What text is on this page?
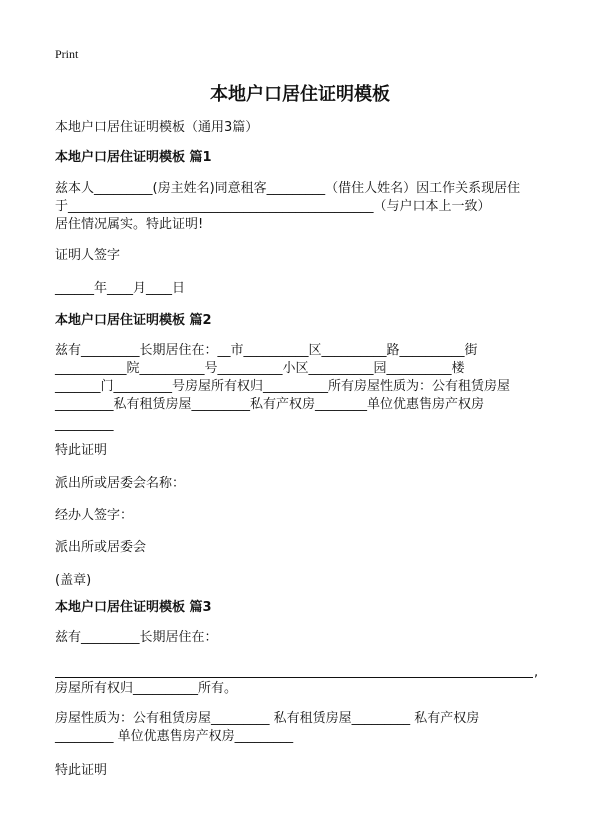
Print
本地户口居住证明模板
本地户口居住证明模板（通用3篇）
本地户口居住证明模板 篇1
兹本人_________(房主姓名)同意租客_________（借住人姓名）因工作关系现居住
于_______________________________________________（与户口本上一致）
居住情况属实。特此证明!
证明人签字
______年____月____日
本地户口居住证明模板 篇2
兹有_________长期居住在：__市__________区__________路__________街
___________院__________号__________小区__________园__________楼
_______门_________号房屋所有权归__________所有房屋性质为：公有租赁房屋
_________私有租赁房屋_________私有产权房________单位优惠售房产权房
_________
特此证明
派出所或居委会名称：
经办人签字：
派出所或居委会
(盖章)
本地户口居住证明模板 篇3
兹有_________长期居住在：
,
房屋所有权归__________所有。
房屋性质为：公有租赁房屋_________ 私有租赁房屋_________ 私有产权房
_________ 单位优惠售房产权房_________
特此证明
